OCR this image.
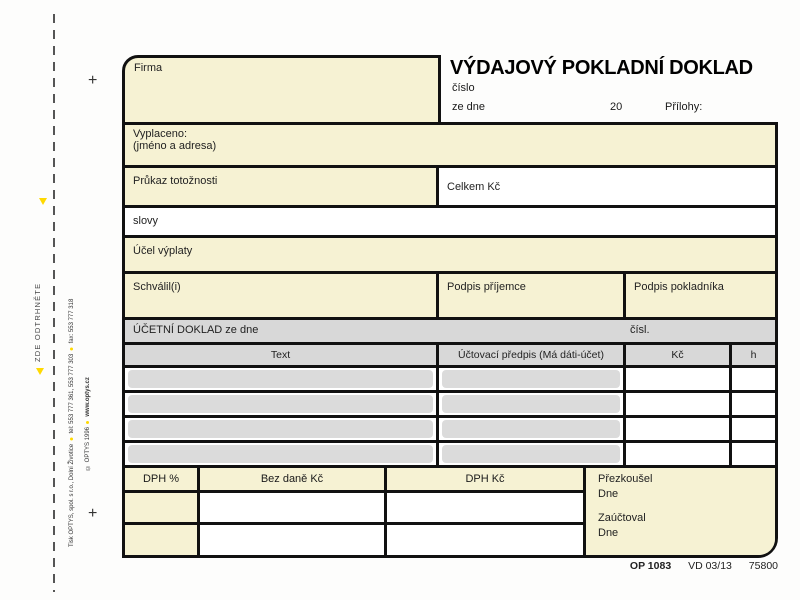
ZDE ODTRHNĚTE
+
+
Tisk OPTYS, spol. s r.o., Dolní Životice ● tel: 553 777 361, 553 777 303 ● fax: 553 777 318
© OPTYS 1996 ● www.optys.cz
Firma	VÝDAJOVÝ POKLADNÍ DOKLAD
číslo
ze dne	20	Přílohy:
Vyplaceno:
(jméno a adresa)
Průkaz totožnosti	Celkem Kč
slovy
Účel výplaty
Schválil(i)	Podpis příjemce	Podpis pokladníka
ÚČETNÍ DOKLAD ze dne	čísl.
Text	Účtovací předpis (Má dáti-účet)	Kč	h
DPH %	Bez daně Kč	DPH Kč	Přezkoušel
Dne
Zaúčtoval
Dne
OP 1083 VD 03/13 75800
